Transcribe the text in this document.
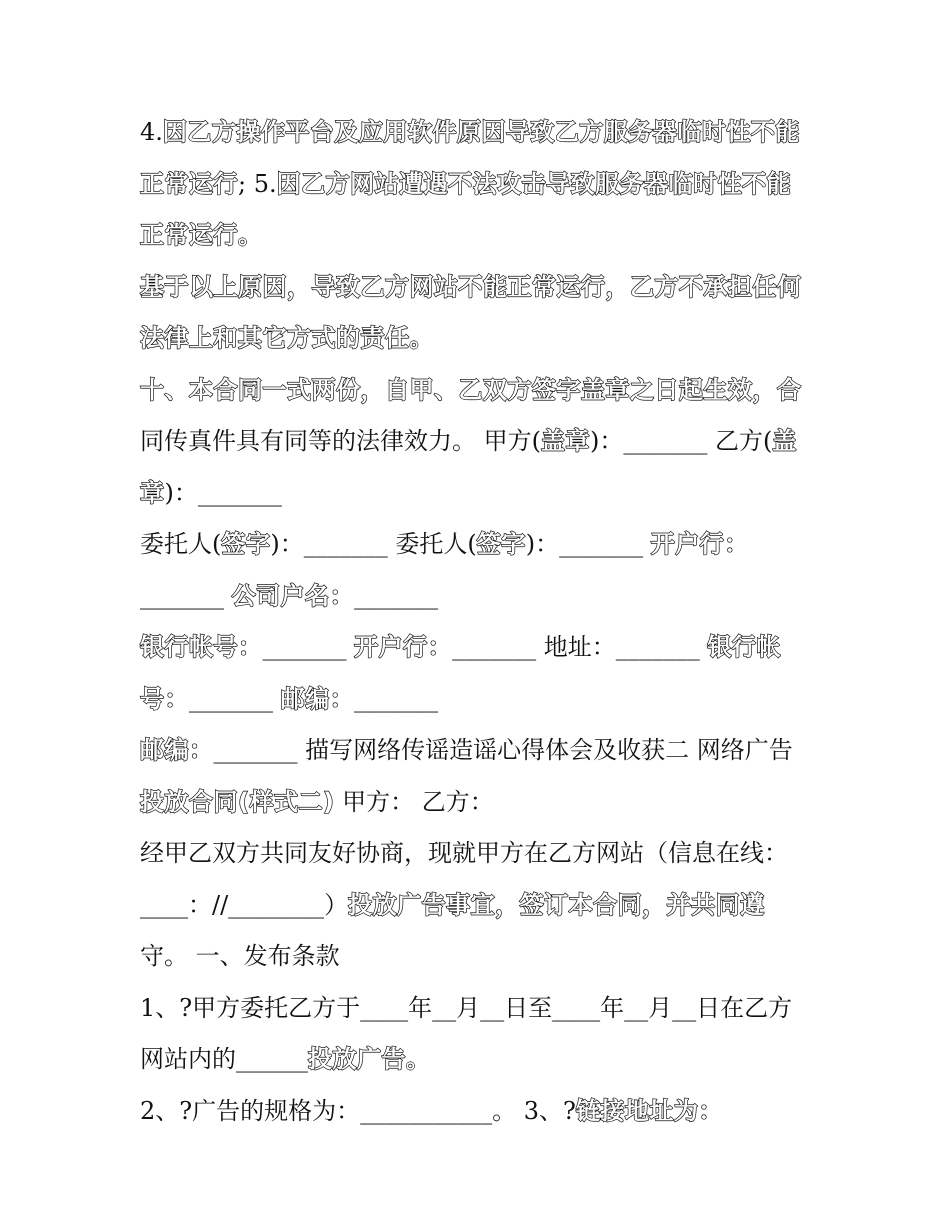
4.因乙方操作平台及应用软件原因导致乙方服务器临时性不能
正常运行; 5.因乙方网站遭遇不法攻击导致服务器临时性不能
正常运行。
基于以上原因，导致乙方网站不能正常运行，乙方不承担任何
法律上和其它方式的责任。
十、本合同一式两份，自甲、乙双方签字盖章之日起生效，合
同传真件具有同等的法律效力。 甲方(盖章)：_______ 乙方(盖
章)：_______
委托人(签字)：_______ 委托人(签字)：_______ 开户行：
_______ 公司户名：_______
银行帐号：_______ 开户行：_______ 地址：_______ 银行帐
号：_______ 邮编：_______
邮编：_______ 描写网络传谣造谣心得体会及收获二 网络广告
投放合同(样式二) 甲方： 乙方：
经甲乙双方共同友好协商，现就甲方在乙方网站（信息在线：
____：//________）投放广告事宜，签订本合同，并共同遵
守。 一、发布条款
1、?甲方委托乙方于____年__月__日至____年__月__日在乙方
网站内的______投放广告。
2、?广告的规格为：___________。 3、?链接地址为：
